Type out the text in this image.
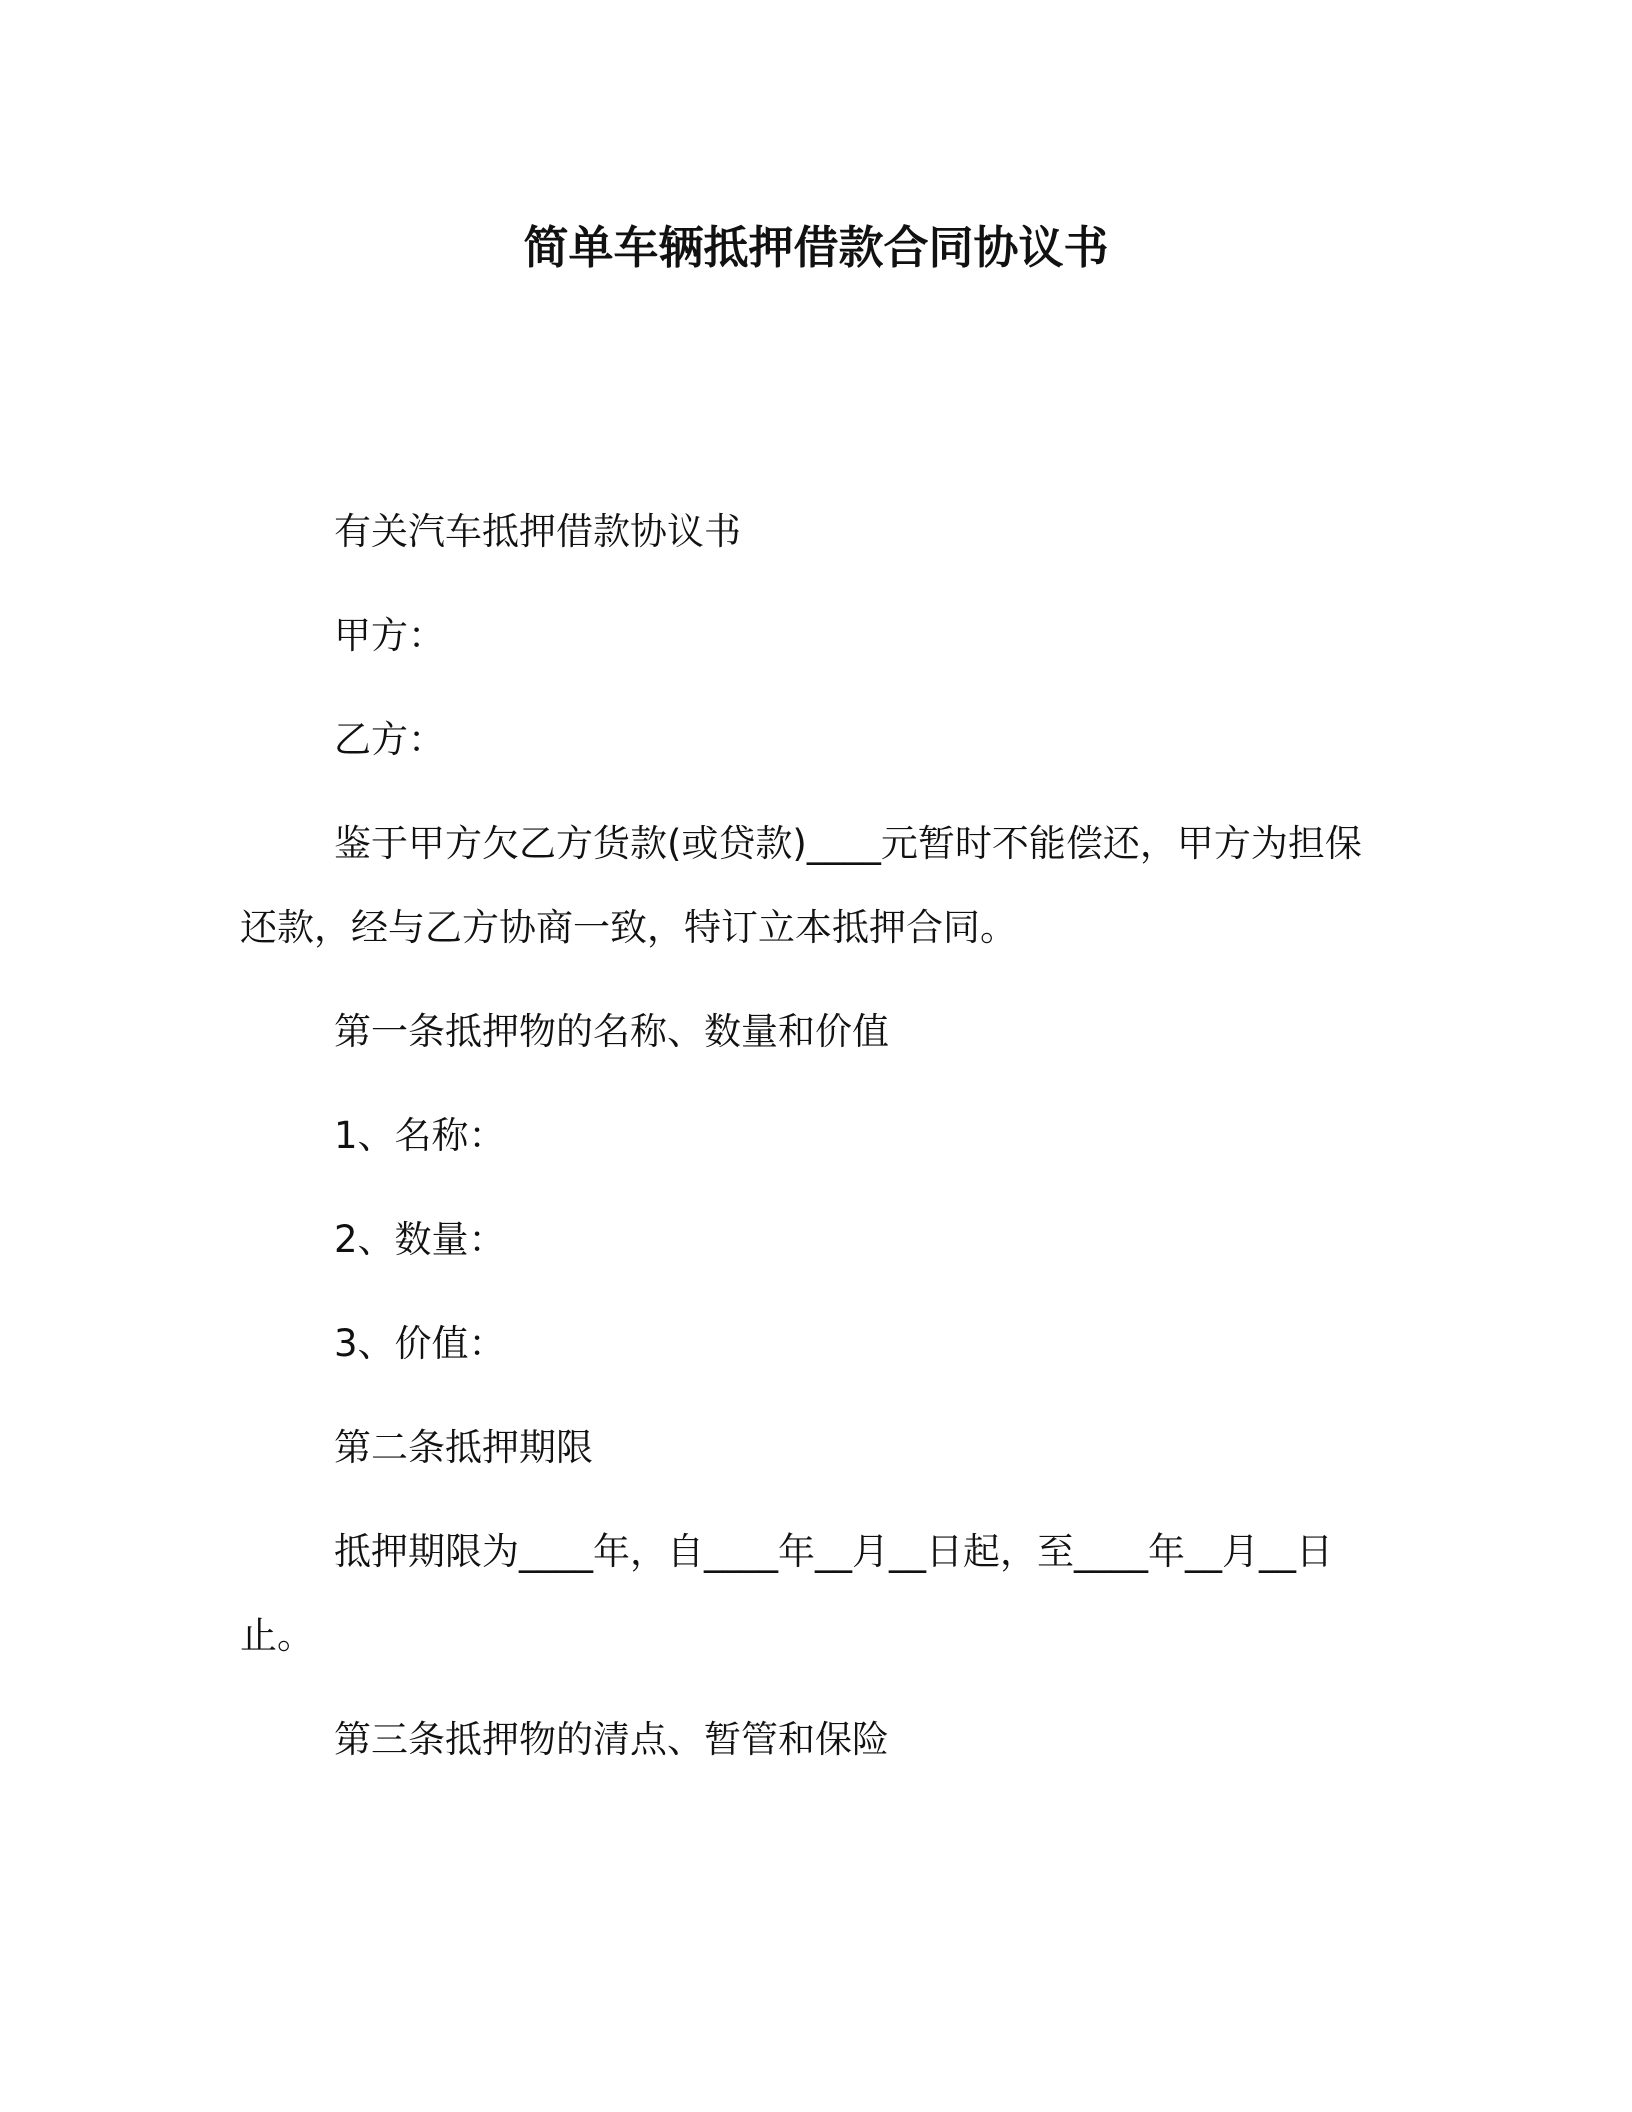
简单车辆抵押借款合同协议书
有关汽车抵押借款协议书
甲方：
乙方：
鉴于甲方欠乙方货款(或贷款)____元暂时不能偿还，甲方为担保
还款，经与乙方协商一致，特订立本抵押合同。
第一条抵押物的名称、数量和价值
1、名称：
2、数量：
3、价值：
第二条抵押期限
抵押期限为____年，自____年__月__日起，至____年__月__日
止。
第三条抵押物的清点、暂管和保险
